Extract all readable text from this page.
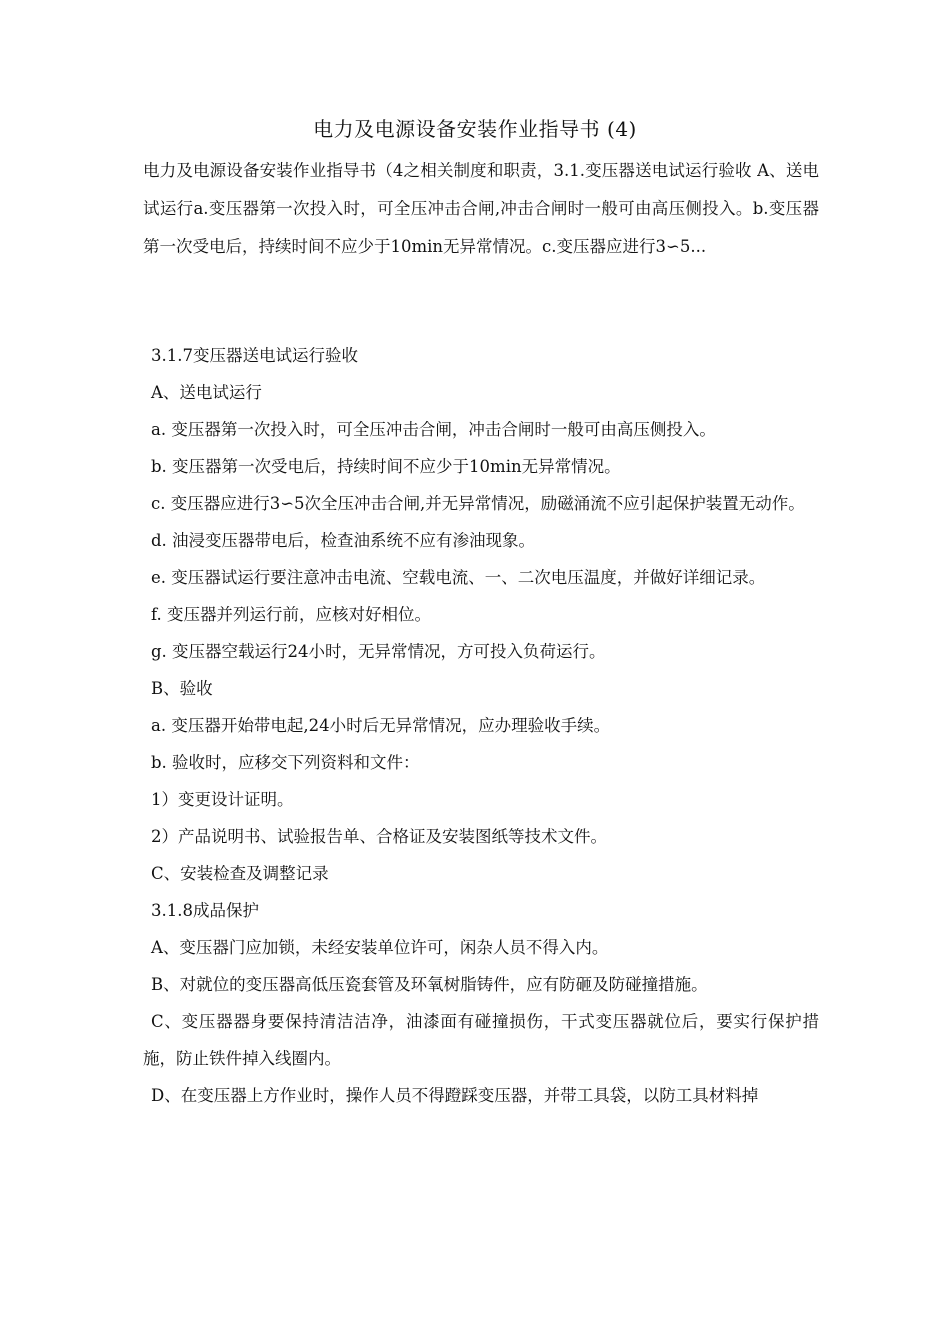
电力及电源设备安装作业指导书 (4)
电力及电源设备安装作业指导书（4之相关制度和职责，3.1.变压器送电试运行验收 A、送电试运行a.变压器第一次投入时，可全压冲击合闸,冲击合闸时一般可由高压侧投入。b.变压器第一次受电后，持续时间不应少于10min无异常情况。c.变压器应进行3∽5...

3.1.7变压器送电试运行验收

A、送电试运行

a. 变压器第一次投入时，可全压冲击合闸，冲击合闸时一般可由高压侧投入。

b. 变压器第一次受电后，持续时间不应少于10min无异常情况。

c. 变压器应进行3∽5次全压冲击合闸,并无异常情况，励磁涌流不应引起保护装置无动作。

d. 油浸变压器带电后，检查油系统不应有渗油现象。

e. 变压器试运行要注意冲击电流、空载电流、一、二次电压温度，并做好详细记录。

f. 变压器并列运行前，应核对好相位。

g. 变压器空载运行24小时，无异常情况，方可投入负荷运行。

B、验收

a. 变压器开始带电起,24小时后无异常情况，应办理验收手续。

b. 验收时，应移交下列资料和文件：

1）变更设计证明。

2）产品说明书、试验报告单、合格证及安装图纸等技术文件。

C、安装检查及调整记录

3.1.8成品保护

A、变压器门应加锁，未经安装单位许可，闲杂人员不得入内。

B、对就位的变压器高低压瓷套管及环氧树脂铸件，应有防砸及防碰撞措施。

C、变压器器身要保持清洁洁净，油漆面有碰撞损伤，干式变压器就位后，要实行保护措施，防止铁件掉入线圈内。

D、在变压器上方作业时，操作人员不得蹬踩变压器，并带工具袋，以防工具材料掉
